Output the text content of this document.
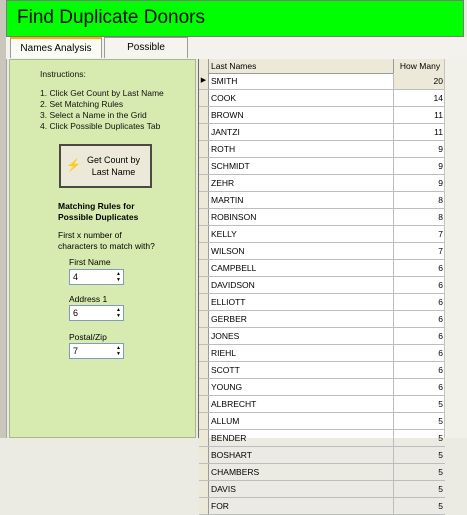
Find Duplicate Donors
Names Analysis	Possible
Instructions:
1. Click Get Count by Last Name
2. Set Matching Rules
3. Select a Name in the Grid
4. Click Possible Duplicates Tab
⚡ Get Count by
Last Name
Matching Rules for
Possible Duplicates
First x number of
characters to match with?
First Name
4	▲
▼
Address 1
6	▲
▼
Postal/Zip
7	▲
▼
Last Names	How Many
▶ SMITH	20
COOK	14
BROWN	11
JANTZI	11
ROTH	9
SCHMIDT	9
ZEHR	9
MARTIN	8
ROBINSON	8
KELLY	7
WILSON	7
CAMPBELL	6
DAVIDSON	6
ELLIOTT	6
GERBER	6
JONES	6
RIEHL	6
SCOTT	6
YOUNG	6
ALBRECHT	5
ALLUM	5
BENDER	5
BOSHART	5
CHAMBERS	5
DAVIS	5
FOR	5
